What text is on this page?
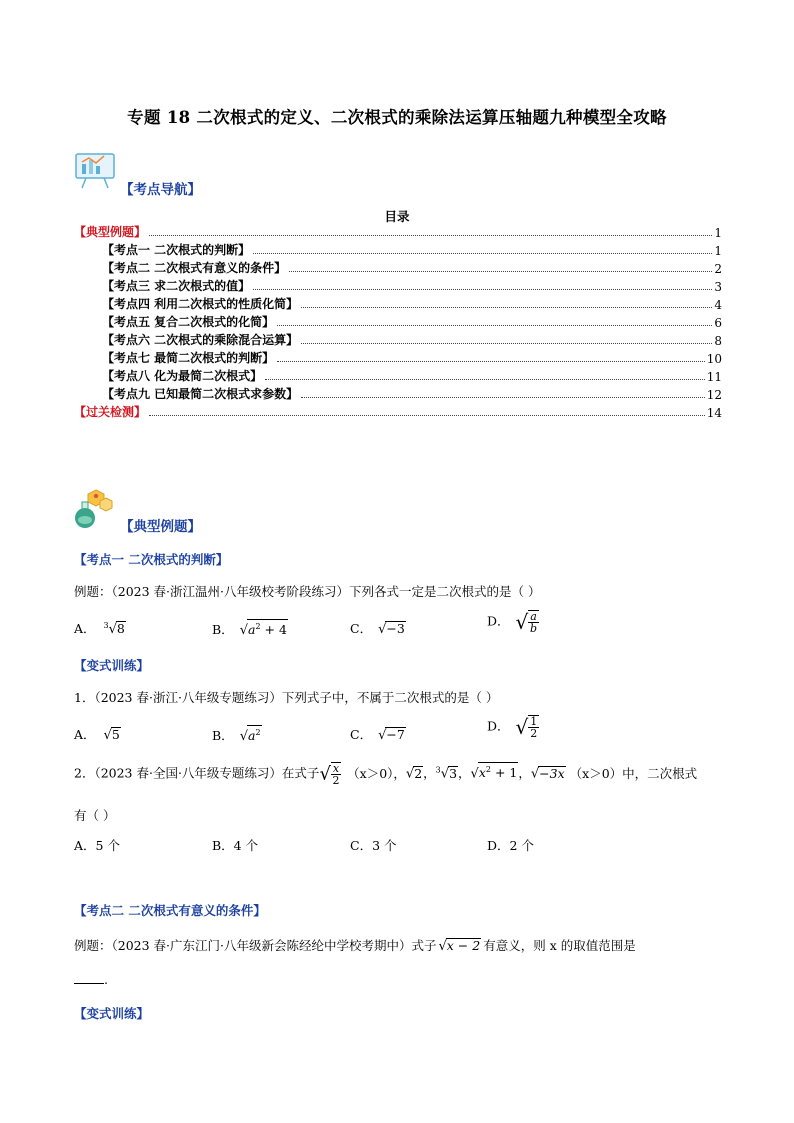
专题 18 二次根式的定义、二次根式的乘除法运算压轴题九种模型全攻略
【考点导航】
目录
【典型例题】	1
【考点一 二次根式的判断】	1
【考点二 二次根式有意义的条件】	2
【考点三 求二次根式的值】	3
【考点四 利用二次根式的性质化简】	4
【考点五 复合二次根式的化简】	6
【考点六 二次根式的乘除混合运算】	8
【考点七 最简二次根式的判断】	10
【考点八 化为最简二次根式】	11
【考点九 已知最简二次根式求参数】	12
【过关检测】	14
【典型例题】
【考点一 二次根式的判断】
例题：（2023 春·浙江温州·八年级校考阶段练习）下列各式一定是二次根式的是（ ）
A． $^3$√8	B． $√a^2 + 4$	C． √−3	D． √ $\frac{a}{b}$
【变式训练】
1．（2023 春·浙江·八年级专题练习）下列式子中，不属于二次根式的是（ ）
A． √5	B． $√a^2$	C． √−7
D． √ $\frac{1}{2}$
2．（2023 春·全国·八年级专题练习）在式子√ $\frac{x}{2} (x>0)$，√2，$^3$√3，$√x^2 + 1$，√−3x （x＞0）中，二次根式
有（ ）
A．5 个	B．4 个	C．3 个	D．2 个
【考点二 二次根式有意义的条件】
例题：（2023 春·广东江门·八年级新会陈经纶中学校考期中）式子 √x − 2 有意义，则 x 的取值范围是
.
【变式训练】
